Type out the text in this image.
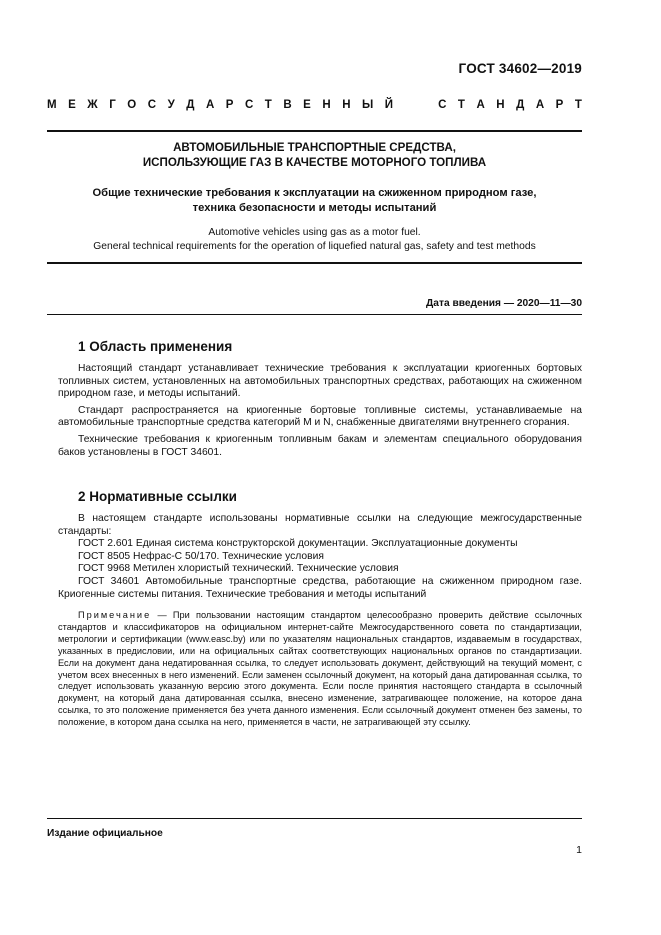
ГОСТ 34602—2019
М Е Ж Г О С У Д А Р С Т В Е Н Н Ы Й	С Т А Н Д А Р Т
АВТОМОБИЛЬНЫЕ ТРАНСПОРТНЫЕ СРЕДСТВА,
ИСПОЛЬЗУЮЩИЕ ГАЗ В КАЧЕСТВЕ МОТОРНОГО ТОПЛИВА
Общие технические требования к эксплуатации на сжиженном природном газе,
техника безопасности и методы испытаний
Automotive vehicles using gas as a motor fuel.
General technical requirements for the operation of liquefied natural gas, safety and test methods
Дата введения — 2020—11—30
1 Область применения

Настоящий стандарт устанавливает технические требования к эксплуатации криогенных бортовых топливных систем, установленных на автомобильных транспортных средствах, работающих на сжиженном природном газе, и методы испытаний.

Стандарт распространяется на криогенные бортовые топливные системы, устанавливаемые на автомобильные транспортные средства категорий M и N, снабженные двигателями внутреннего сгорания.

Технические требования к криогенным топливным бакам и элементам специального оборудования баков установлены в ГОСТ 34601.

2 Нормативные ссылки

В настоящем стандарте использованы нормативные ссылки на следующие межгосударственные стандарты:

ГОСТ 2.601 Единая система конструкторской документации. Эксплуатационные документы

ГОСТ 8505 Нефрас-С 50/170. Технические условия

ГОСТ 9968 Метилен хлористый технический. Технические условия

ГОСТ 34601 Автомобильные транспортные средства, работающие на сжиженном природном газе. Криогенные системы питания. Технические требования и методы испытаний

Примечание — При пользовании настоящим стандартом целесообразно проверить действие ссылочных стандартов и классификаторов на официальном интернет-сайте Межгосударственного совета по стандартизации, метрологии и сертификации (www.easc.by) или по указателям национальных стандартов, издаваемым в государствах, указанных в предисловии, или на официальных сайтах соответствующих национальных органов по стандартизации. Если на документ дана недатированная ссылка, то следует использовать документ, действующий на текущий момент, с учетом всех внесенных в него изменений. Если заменен ссылочный документ, на который дана датированная ссылка, то следует использовать указанную версию этого документа. Если после принятия настоящего стандарта в ссылочный документ, на который дана датированная ссылка, внесено изменение, затрагивающее положение, на которое дана ссылка, то это положение применяется без учета данного изменения. Если ссылочный документ отменен без замены, то положение, в котором дана ссылка на него, применяется в части, не затрагивающей эту ссылку.

Издание официальное
1
